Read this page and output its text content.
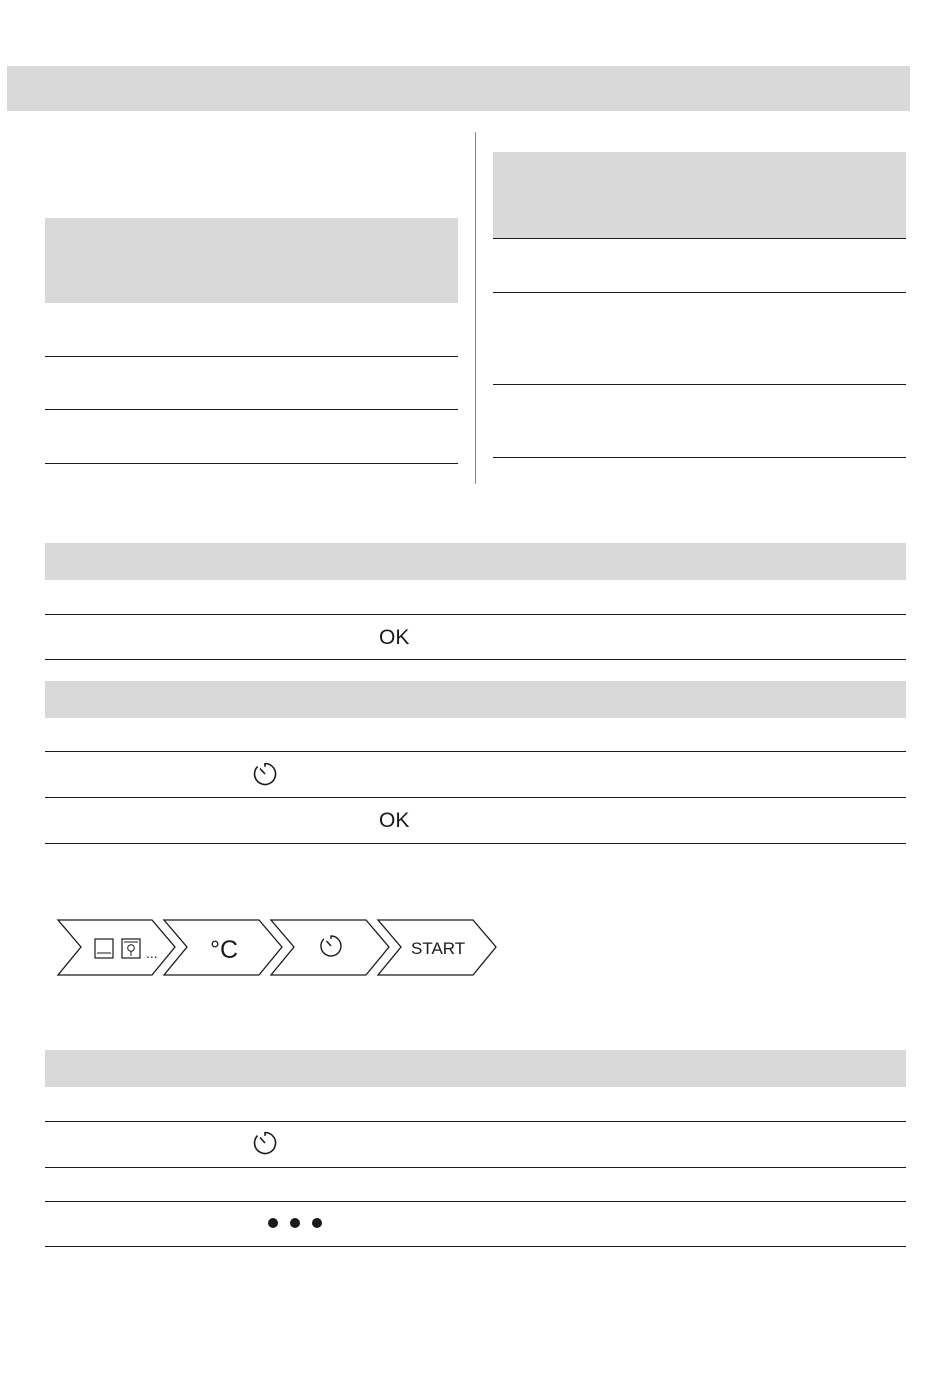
OK
OK
... °C	START
